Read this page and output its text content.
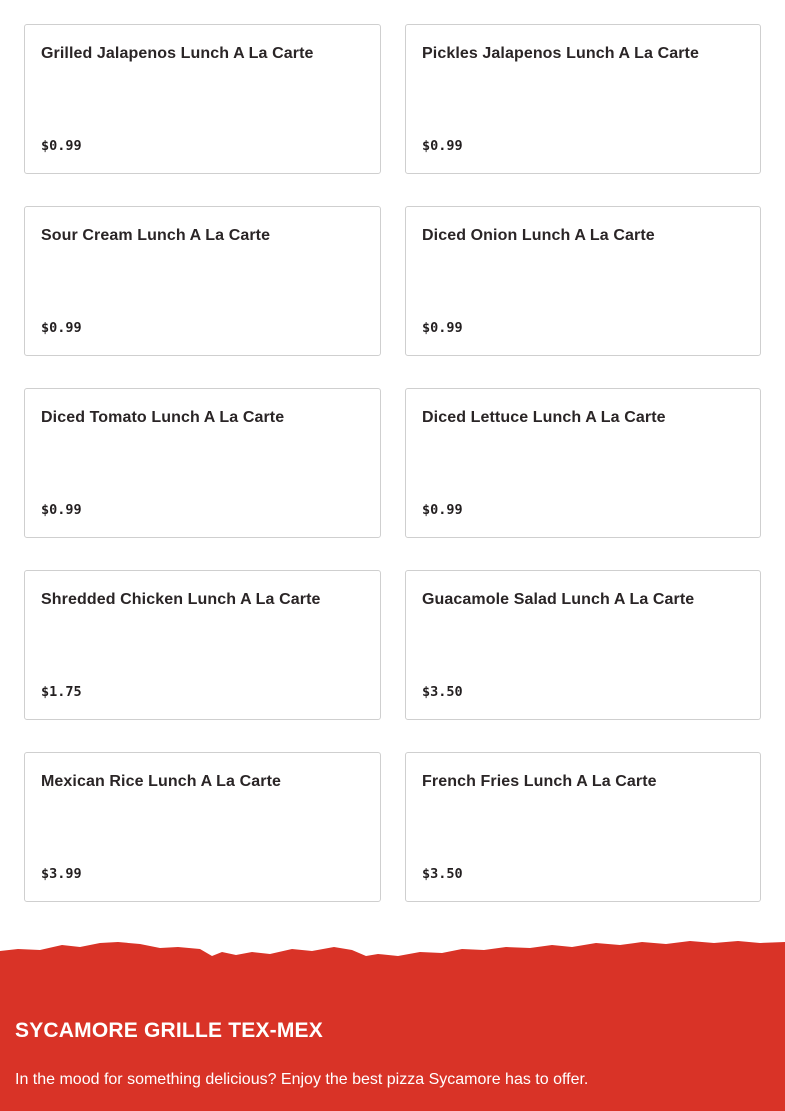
Grilled Jalapenos Lunch A La Carte
$0.99
Pickles Jalapenos Lunch A La Carte
$0.99
Sour Cream Lunch A La Carte
$0.99
Diced Onion Lunch A La Carte
$0.99
Diced Tomato Lunch A La Carte
$0.99
Diced Lettuce Lunch A La Carte
$0.99
Shredded Chicken Lunch A La Carte
$1.75
Guacamole Salad Lunch A La Carte
$3.50
Mexican Rice Lunch A La Carte
$3.99
French Fries Lunch A La Carte
$3.50
SYCAMORE GRILLE TEX-MEX

In the mood for something delicious? Enjoy the best pizza Sycamore has to offer.
